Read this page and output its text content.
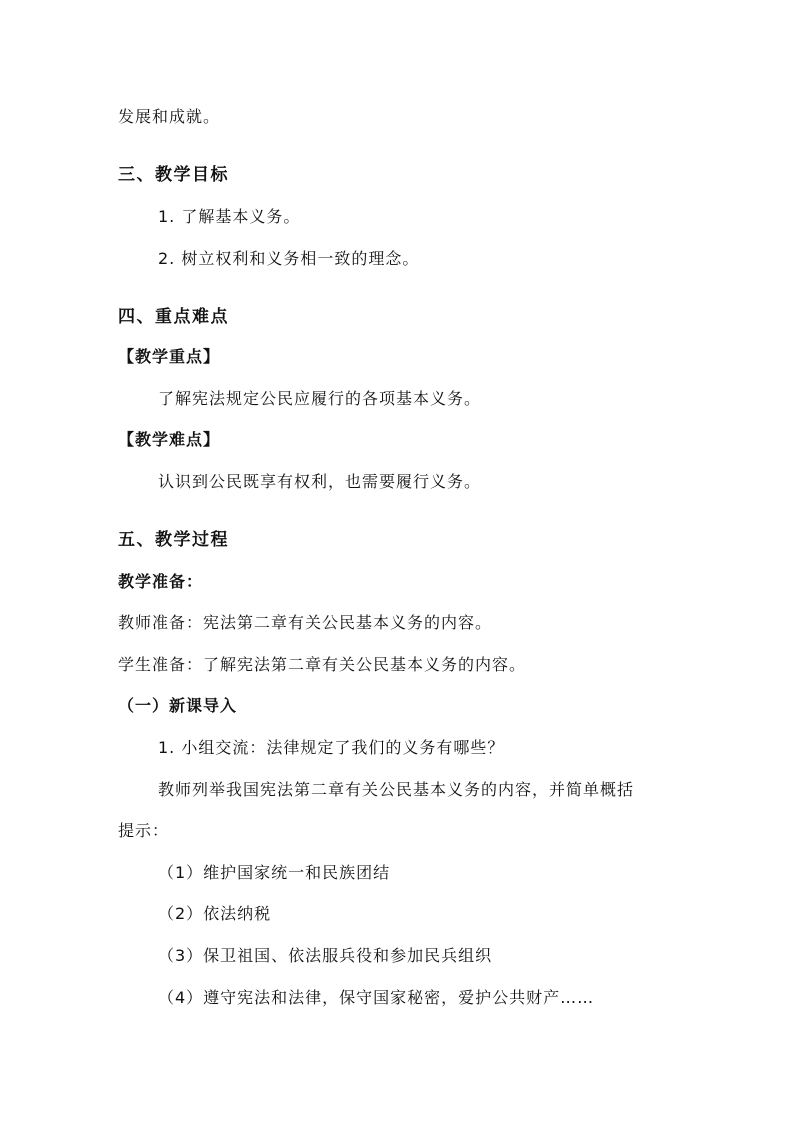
发展和成就。
三、教学目标
1. 了解基本义务。
2. 树立权利和义务相一致的理念。
四、重点难点
【教学重点】
了解宪法规定公民应履行的各项基本义务。
【教学难点】
认识到公民既享有权利，也需要履行义务。
五、教学过程
教学准备：
教师准备：宪法第二章有关公民基本义务的内容。
学生准备：了解宪法第二章有关公民基本义务的内容。
（一）新课导入
1. 小组交流：法律规定了我们的义务有哪些？
教师列举我国宪法第二章有关公民基本义务的内容，并简单概括
提示：
（1）维护国家统一和民族团结
（2）依法纳税
（3）保卫祖国、依法服兵役和参加民兵组织
（4）遵守宪法和法律，保守国家秘密，爱护公共财产……
